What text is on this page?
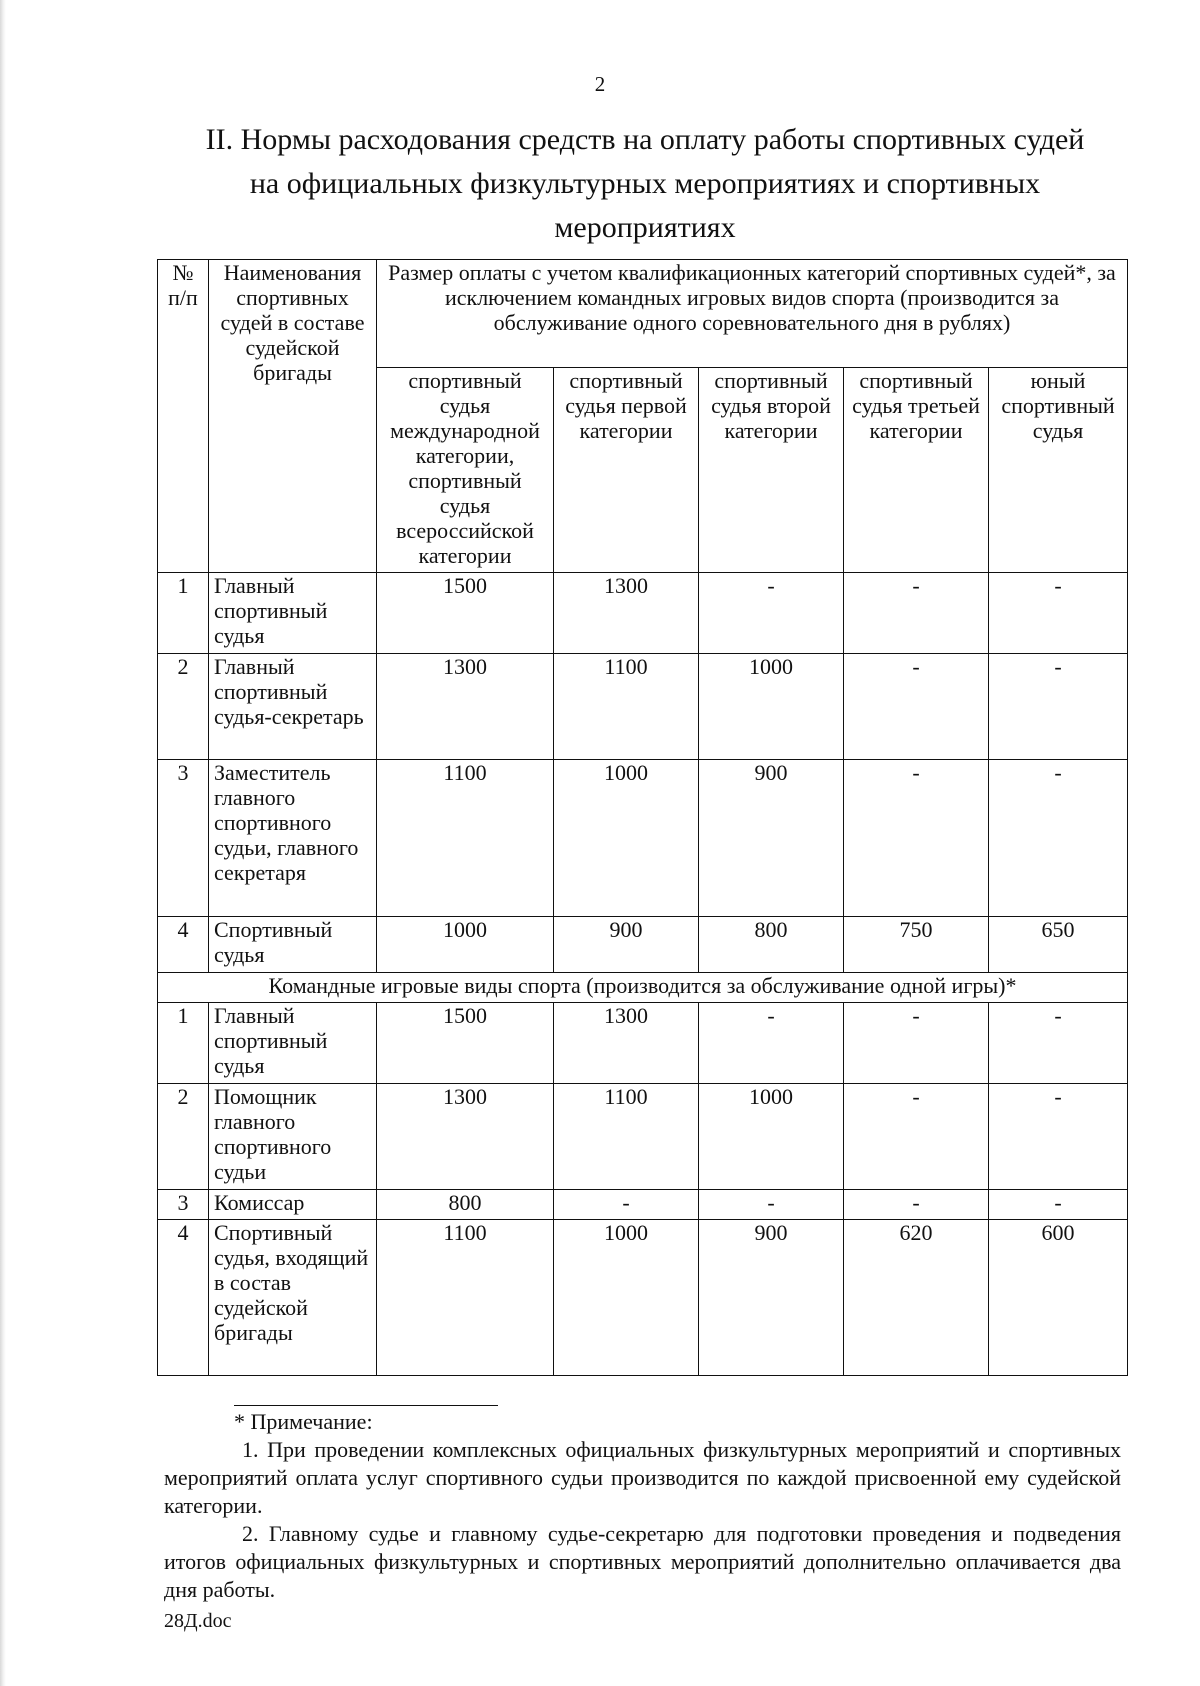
2
II. Нормы расходования средств на оплату работы спортивных судей
на официальных физкультурных мероприятиях и спортивных
мероприятиях
№ п/п	Наименования спортивных судей в составе судейской бригады	Размер оплаты с учетом квалификационных категорий спортивных судей*, за исключением командных игровых видов спорта (производится за обслуживание одного соревновательного дня в рублях)				
		спортивный судья международной категории, спортивный судья всероссийской категории	спортивный судья первой категории	спортивный судья второй категории	спортивный судья третьей категории	юный спортивный судья
1	Главный спортивный судья	1500	1300	-	-	-
2	Главный спортивный судья-секретарь	1300	1100	1000	-	-
3	Заместитель главного спортивного судьи, главного секретаря	1100	1000	900	-	-
4	Спортивный судья	1000	900	800	750	650
Командные игровые виды спорта (производится за обслуживание одной игры)*						
1	Главный спортивный судья	1500	1300	-	-	-
2	Помощник главного спортивного судьи	1300	1100	1000	-	-
3	Комиссар	800	-	-	-	-
4	Спортивный судья, входящий в состав судейской бригады	1100	1000	900	620	600
* Примечание:

1. При проведении комплексных официальных физкультурных мероприятий и спортивных мероприятий оплата услуг спортивного судьи производится по каждой присвоенной ему судейской категории.

2. Главному судье и главному судье-секретарю для подготовки проведения и подведения итогов официальных физкультурных и спортивных мероприятий дополнительно оплачивается два дня работы.

28Д.doc
